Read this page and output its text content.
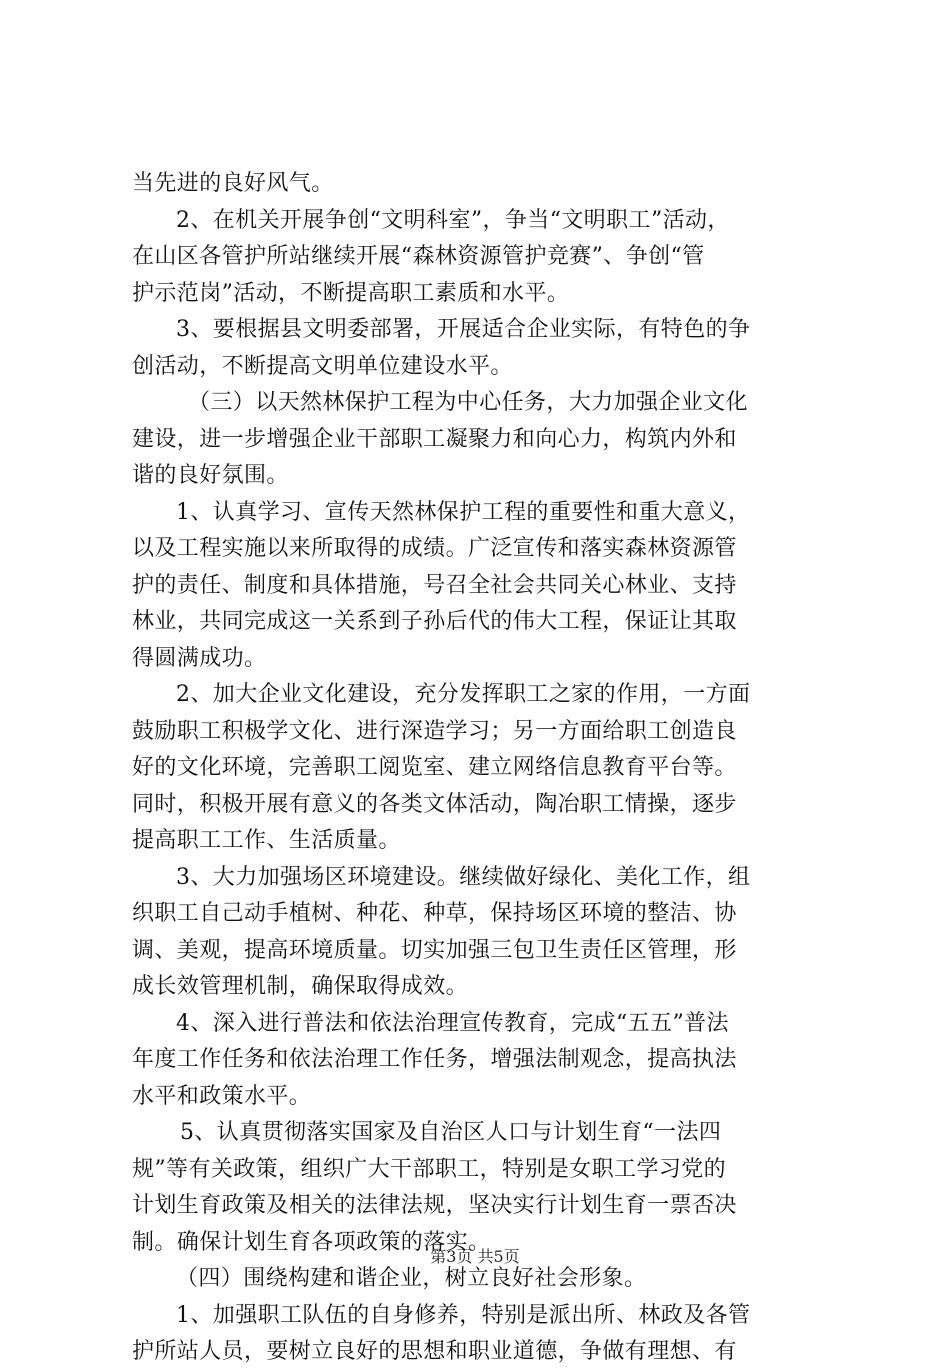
当先进的良好风气。
2、在机关开展争创“文明科室”，争当“文明职工”活动，
在山区各管护所站继续开展“森林资源管护竞赛”、争创“管
护示范岗”活动，不断提高职工素质和水平。
3、要根据县文明委部署，开展适合企业实际，有特色的争
创活动，不断提高文明单位建设水平。
（三）以天然林保护工程为中心任务，大力加强企业文化
建设，进一步增强企业干部职工凝聚力和向心力，构筑内外和
谐的良好氛围。
1、认真学习、宣传天然林保护工程的重要性和重大意义，
以及工程实施以来所取得的成绩。广泛宣传和落实森林资源管
护的责任、制度和具体措施，号召全社会共同关心林业、支持
林业，共同完成这一关系到子孙后代的伟大工程，保证让其取
得圆满成功。
2、加大企业文化建设，充分发挥职工之家的作用，一方面
鼓励职工积极学文化、进行深造学习；另一方面给职工创造良
好的文化环境，完善职工阅览室、建立网络信息教育平台等。
同时，积极开展有意义的各类文体活动，陶冶职工情操，逐步
提高职工工作、生活质量。
3、大力加强场区环境建设。继续做好绿化、美化工作，组
织职工自己动手植树、种花、种草，保持场区环境的整洁、协
调、美观，提高环境质量。切实加强三包卫生责任区管理，形
成长效管理机制，确保取得成效。
4、深入进行普法和依法治理宣传教育，完成“五五”普法
年度工作任务和依法治理工作任务，增强法制观念，提高执法
水平和政策水平。
5、认真贯彻落实国家及自治区人口与计划生育“一法四
规”等有关政策，组织广大干部职工，特别是女职工学习党的
计划生育政策及相关的法律法规，坚决实行计划生育一票否决
制。确保计划生育各项政策的落实。
（四）围绕构建和谐企业，树立良好社会形象。
1、加强职工队伍的自身修养，特别是派出所、林政及各管
护所站人员，要树立良好的思想和职业道德，争做有理想、有
第3页 共5页
